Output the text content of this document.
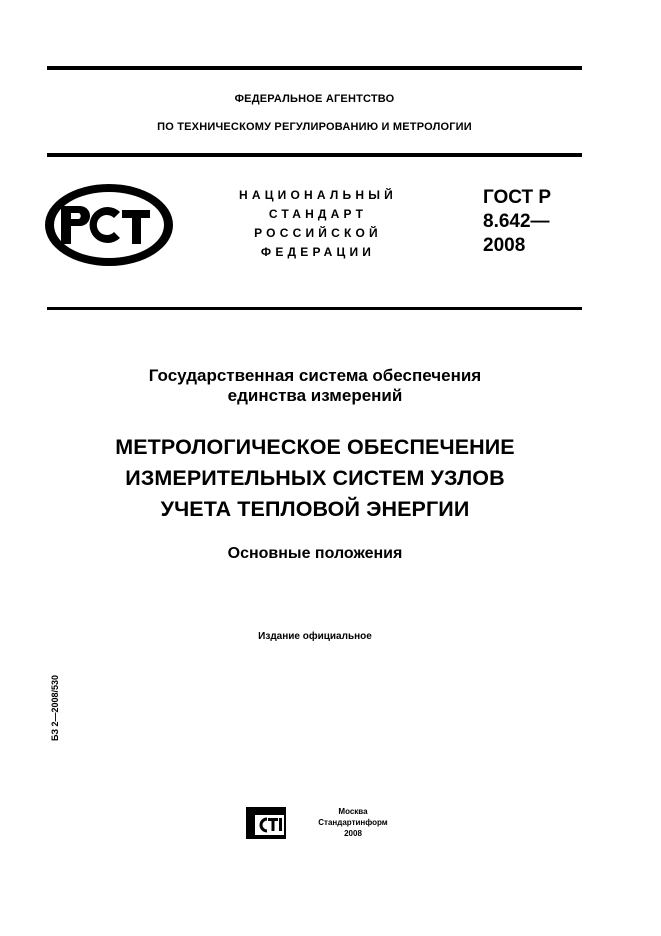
ФЕДЕРАЛЬНОЕ АГЕНТСТВО
ПО ТЕХНИЧЕСКОМУ РЕГУЛИРОВАНИЮ И МЕТРОЛОГИИ
НАЦИОНАЛЬНЫЙ
СТАНДАРТ
РОССИЙСКОЙ
ФЕДЕРАЦИИ
ГОСТ Р
8.642—
2008
Государственная система обеспечения
единства измерений
МЕТРОЛОГИЧЕСКОЕ ОБЕСПЕЧЕНИЕ
ИЗМЕРИТЕЛЬНЫХ СИСТЕМ УЗЛОВ
УЧЕТА ТЕПЛОВОЙ ЭНЕРГИИ
Основные положения
Издание официальное
БЗ 2—2008/530
Москва
Стандартинформ
2008
